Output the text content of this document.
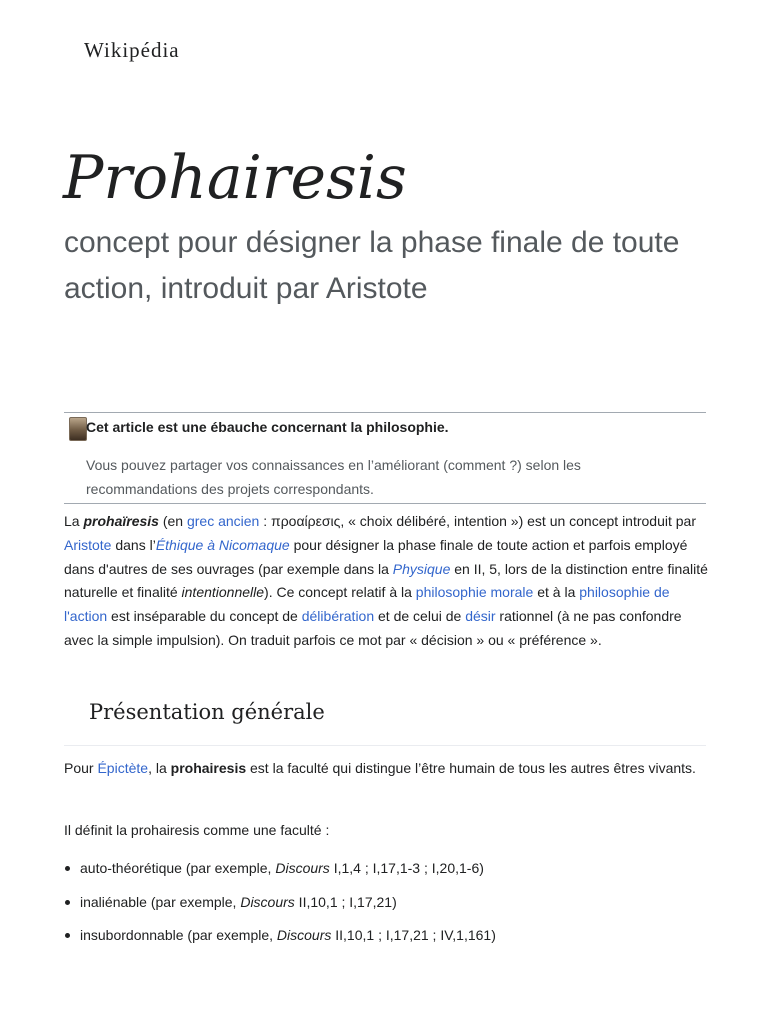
Wikipédia
Prohairesis

concept pour désigner la phase finale de toute action, introduit par Aristote

Cet article est une ébauche concernant la philosophie.
Vous pouvez partager vos connaissances en l’améliorant (comment ?) selon les recommandations des projets correspondants.

La prohaïresis (en grec ancien : προαίρεσις, « choix délibéré, intention ») est un concept introduit par Aristote dans l’Éthique à Nicomaque pour désigner la phase finale de toute action et parfois employé dans d'autres de ses ouvrages (par exemple dans la Physique en II, 5, lors de la distinction entre finalité naturelle et finalité intentionnelle). Ce concept relatif à la philosophie morale et à la philosophie de l'action est inséparable du concept de délibération et de celui de désir rationnel (à ne pas confondre avec la simple impulsion). On traduit parfois ce mot par « décision » ou « préférence ».

Présentation générale

Pour Épictète, la prohairesis est la faculté qui distingue l’être humain de tous les autres êtres vivants.

Il définit la prohairesis comme une faculté :

auto-théorétique (par exemple, Discours I,1,4 ; I,17,1-3 ; I,20,1-6)
inaliénable (par exemple, Discours II,10,1 ; I,17,21)
insubordonnable (par exemple, Discours II,10,1 ; I,17,21 ; IV,1,161)
